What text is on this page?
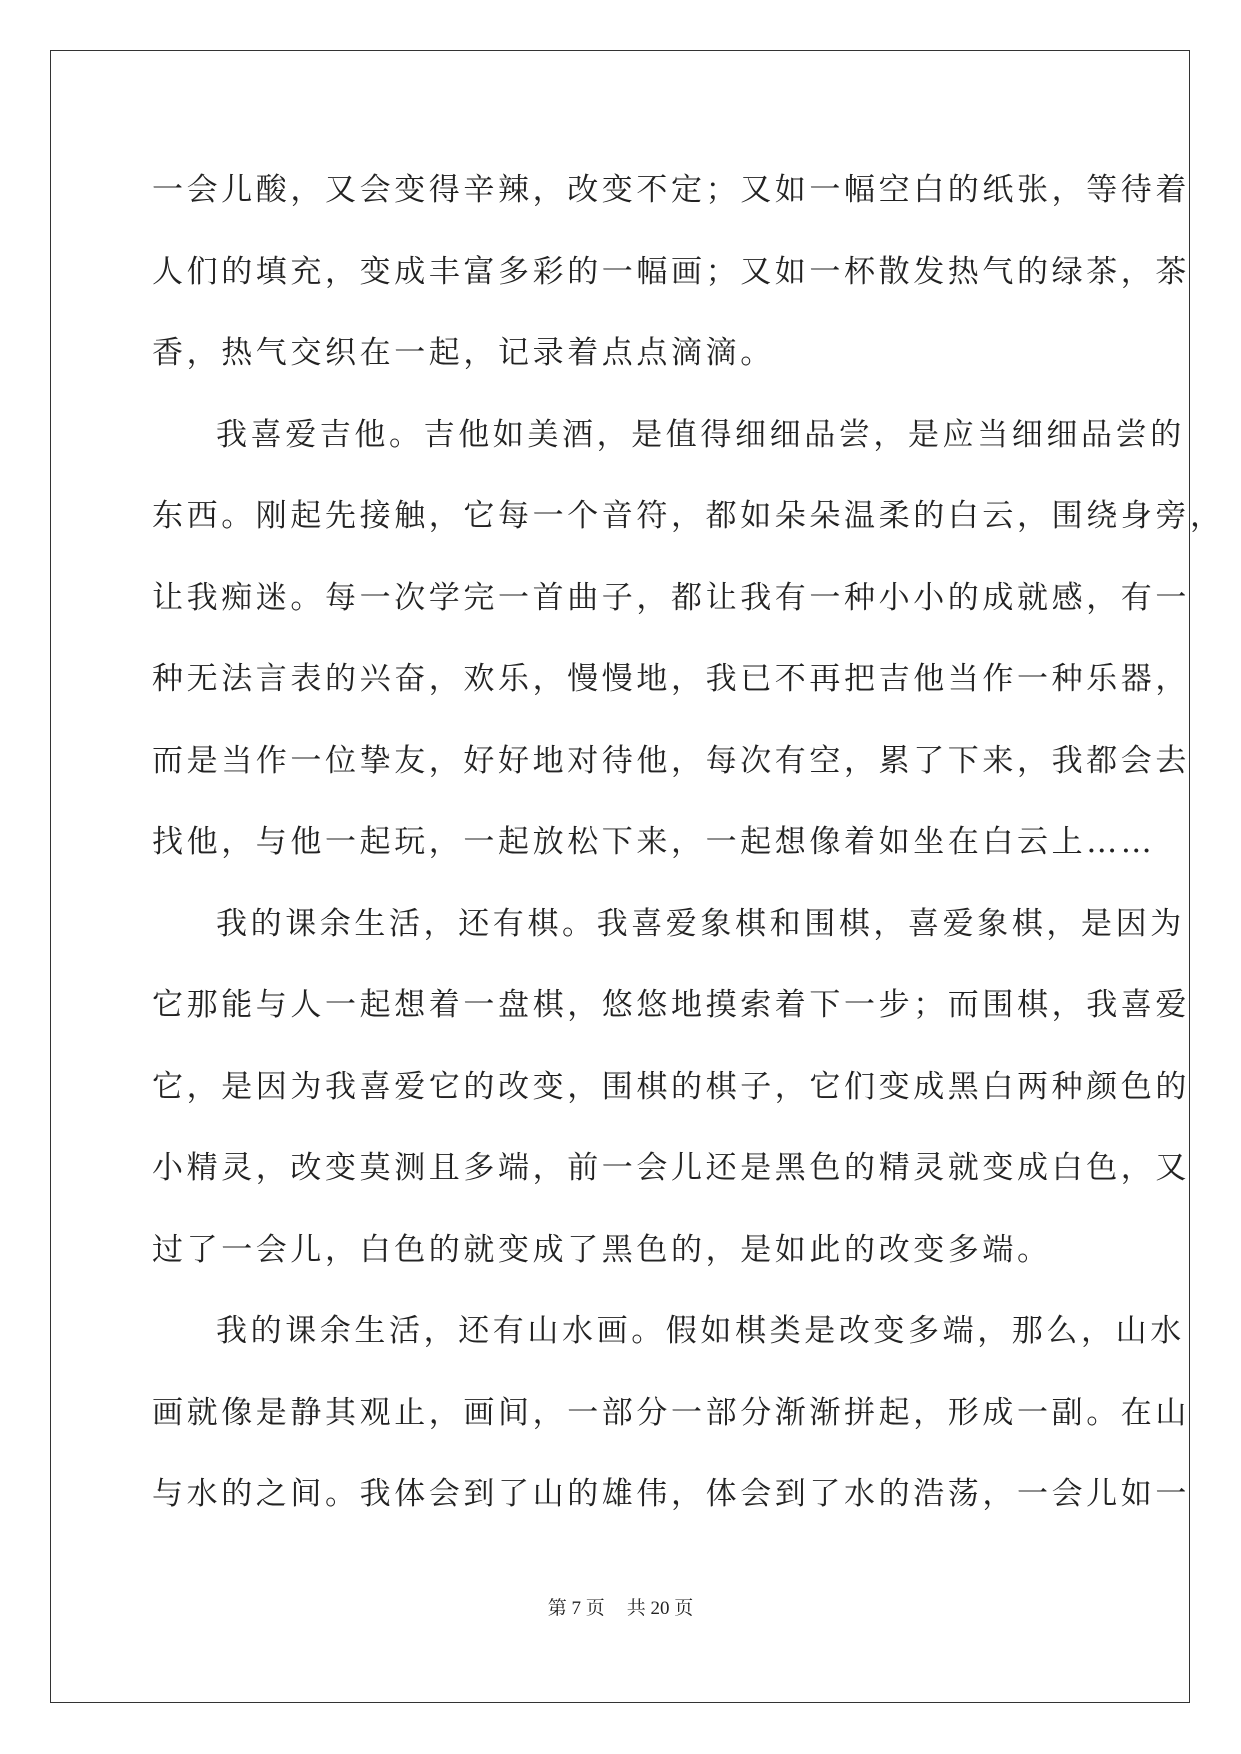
一会儿酸，又会变得辛辣，改变不定；又如一幅空白的纸张，等待着
人们的填充，变成丰富多彩的一幅画；又如一杯散发热气的绿茶，茶
香，热气交织在一起，记录着点点滴滴。
我喜爱吉他。吉他如美酒，是值得细细品尝，是应当细细品尝的
东西。刚起先接触，它每一个音符，都如朵朵温柔的白云，围绕身旁，
让我痴迷。每一次学完一首曲子，都让我有一种小小的成就感，有一
种无法言表的兴奋，欢乐，慢慢地，我已不再把吉他当作一种乐器，
而是当作一位挚友，好好地对待他，每次有空，累了下来，我都会去
找他，与他一起玩，一起放松下来，一起想像着如坐在白云上……
我的课余生活，还有棋。我喜爱象棋和围棋，喜爱象棋，是因为
它那能与人一起想着一盘棋，悠悠地摸索着下一步；而围棋，我喜爱
它，是因为我喜爱它的改变，围棋的棋子，它们变成黑白两种颜色的
小精灵，改变莫测且多端，前一会儿还是黑色的精灵就变成白色，又
过了一会儿，白色的就变成了黑色的，是如此的改变多端。
我的课余生活，还有山水画。假如棋类是改变多端，那么，山水
画就像是静其观止，画间，一部分一部分渐渐拼起，形成一副。在山
与水的之间。我体会到了山的雄伟，体会到了水的浩荡，一会儿如一
第 7 页 共 20 页
